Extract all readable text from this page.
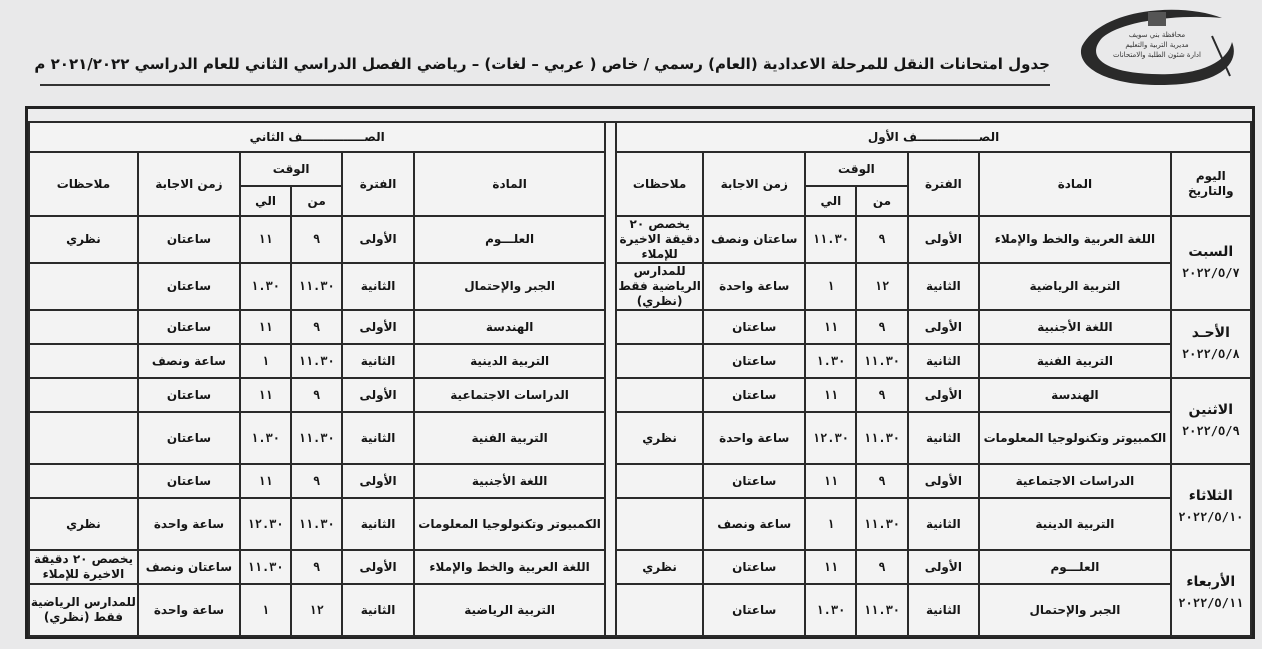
محافظة بني سويف
مديرية التربية والتعليم
ادارة شئون الطلبة والامتحانات
جدول امتحانات النقل للمرحلة الاعدادية (العام) رسمي / خاص ( عربي – لغات) – رياضي الفصل الدراسي الثاني للعام الدراسي ٢٠٢١/٢٠٢٢ م
الصـــــــــــــــف الأول								الصـــــــــــــــف الثاني					
اليوم والتاريخ	المادة	الفترة	الوقت		زمن الاجابة	ملاحظات		المادة	الفترة	الوقت		زمن الاجابة	ملاحظات
			من	الي						من	الي		

السبت
٢٠٢٢/٥/٧	اللغة العربية والخط والإملاء	الأولى	٩	١١.٣٠	ساعتان ونصف	يخصص ٢٠ دقيقة الاخيرة للإملاء		العلـــوم	الأولى	٩	١١	ساعتان	نظري
	التربية الرياضية	الثانية	١٢	١	ساعة واحدة	للمدارس الرياضية فقط (نظري)		الجبر والإحتمال	الثانية	١١.٣٠	١.٣٠	ساعتان	

الأحـد
٢٠٢٢/٥/٨	اللغة الأجنبية	الأولى	٩	١١	ساعتان			الهندسة	الأولى	٩	١١	ساعتان	
	التربية الفنية	الثانية	١١.٣٠	١.٣٠	ساعتان			التربية الدينية	الثانية	١١.٣٠	١	ساعة ونصف	

الاثنين
٢٠٢٢/٥/٩	الهندسة	الأولى	٩	١١	ساعتان			الدراسات الاجتماعية	الأولى	٩	١١	ساعتان	
	الكمبيوتر وتكنولوجيا المعلومات	الثانية	١١.٣٠	١٢.٣٠	ساعة واحدة	نظري		التربية الفنية	الثانية	١١.٣٠	١.٣٠	ساعتان	

الثلاثاء
٢٠٢٢/٥/١٠	الدراسات الاجتماعية	الأولى	٩	١١	ساعتان			اللغة الأجنبية	الأولى	٩	١١	ساعتان	
	التربية الدينية	الثانية	١١.٣٠	١	ساعة ونصف			الكمبيوتر وتكنولوجيا المعلومات	الثانية	١١.٣٠	١٢.٣٠	ساعة واحدة	نظري

الأربعاء
٢٠٢٢/٥/١١	العلـــوم	الأولى	٩	١١	ساعتان	نظري		اللغة العربية والخط والإملاء	الأولى	٩	١١.٣٠	ساعتان ونصف	يخصص ٢٠ دقيقة الاخيرة للإملاء
	الجبر والإحتمال	الثانية	١١.٣٠	١.٣٠	ساعتان			التربية الرياضية	الثانية	١٢	١	ساعة واحدة	للمدارس الرياضية فقط (نظري)
